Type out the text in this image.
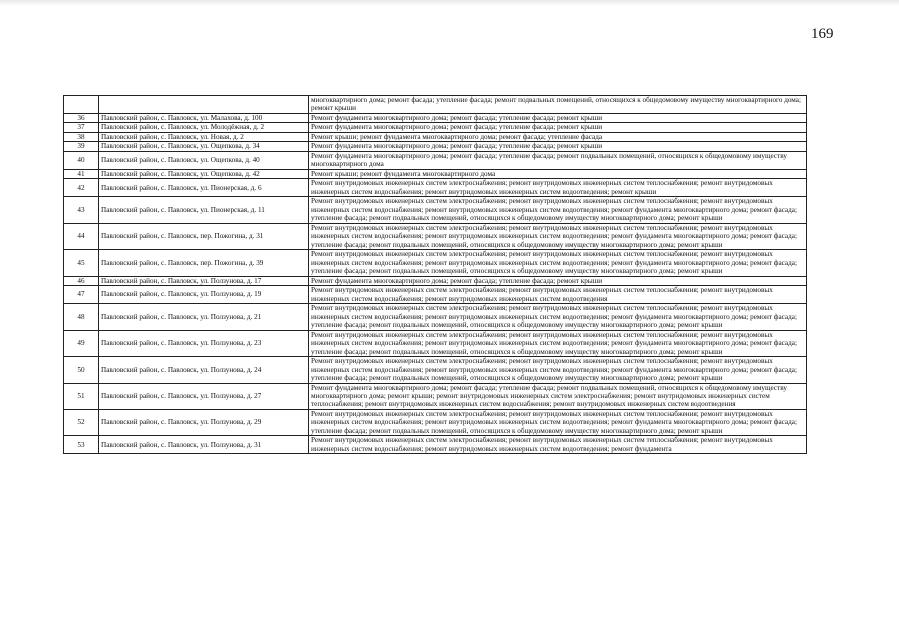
169
		многоквартирного дома; ремонт фасада; утепление фасада; ремонт подвальных помещений, относящихся к общедомовому имуществу многоквартирного дома; ремонт крыши
36	Павловский район, с. Павловск, ул. Малахова, д. 100	Ремонт фундамента многоквартирного дома; ремонт фасада; утепление фасада; ремонт крыши
37	Павловский район, с. Павловск, ул. Молодёжная, д. 2	Ремонт фундамента многоквартирного дома; ремонт фасада; утепление фасада; ремонт крыши
38	Павловский район, с. Павловск, ул. Новая, д. 2	Ремонт крыши; ремонт фундамента многоквартирного дома; ремонт фасада; утепление фасада
39	Павловский район, с. Павловск, ул. Ощепкова, д. 34	Ремонт фундамента многоквартирного дома; ремонт фасада; утепление фасада; ремонт крыши
40	Павловский район, с. Павловск, ул. Ощепкова, д. 40	Ремонт фундамента многоквартирного дома; ремонт фасада; утепление фасада; ремонт подвальных помещений, относящихся к общедомовому имуществу многоквартирного дома
41	Павловский район, с. Павловск, ул. Ощепкова, д. 42	Ремонт крыши; ремонт фундамента многоквартирного дома
42	Павловский район, с. Павловск, ул. Пионерская, д. 6	Ремонт внутридомовых инженерных систем электроснабжения; ремонт внутридомовых инженерных систем теплоснабжения; ремонт внутридомовых инженерных систем водоснабжения; ремонт внутридомовых инженерных систем водоотведения; ремонт крыши
43	Павловский район, с. Павловск, ул. Пионерская, д. 11	Ремонт внутридомовых инженерных систем электроснабжения; ремонт внутридомовых инженерных систем теплоснабжения; ремонт внутридомовых инженерных систем водоснабжения; ремонт внутридомовых инженерных систем водоотведения; ремонт фундамента многоквартирного дома; ремонт фасада; утепление фасада; ремонт подвальных помещений, относящихся к общедомовому имуществу многоквартирного дома; ремонт крыши
44	Павловский район, с. Павловск, пер. Пожогина, д. 31	Ремонт внутридомовых инженерных систем электроснабжения; ремонт внутридомовых инженерных систем теплоснабжения; ремонт внутридомовых инженерных систем водоснабжения; ремонт внутридомовых инженерных систем водоотведения; ремонт фундамента многоквартирного дома; ремонт фасада; утепление фасада; ремонт подвальных помещений, относящихся к общедомовому имуществу многоквартирного дома; ремонт крыши
45	Павловский район, с. Павловск, пер. Пожогина, д. 39	Ремонт внутридомовых инженерных систем электроснабжения; ремонт внутридомовых инженерных систем теплоснабжения; ремонт внутридомовых инженерных систем водоснабжения; ремонт внутридомовых инженерных систем водоотведения; ремонт фундамента многоквартирного дома; ремонт фасада; утепление фасада; ремонт подвальных помещений, относящихся к общедомовому имуществу многоквартирного дома; ремонт крыши
46	Павловский район, с. Павловск, ул. Ползунова, д. 17	Ремонт фундамента многоквартирного дома; ремонт фасада; утепление фасада; ремонт крыши
47	Павловский район, с. Павловск, ул. Ползунова, д. 19	Ремонт внутридомовых инженерных систем электроснабжения; ремонт внутридомовых инженерных систем теплоснабжения; ремонт внутридомовых инженерных систем водоснабжения; ремонт внутридомовых инженерных систем водоотведения
48	Павловский район, с. Павловск, ул. Ползунова, д. 21	Ремонт внутридомовых инженерных систем электроснабжения; ремонт внутридомовых инженерных систем теплоснабжения; ремонт внутридомовых инженерных систем водоснабжения; ремонт внутридомовых инженерных систем водоотведения; ремонт фундамента многоквартирного дома; ремонт фасада; утепление фасада; ремонт подвальных помещений, относящихся к общедомовому имуществу многоквартирного дома; ремонт крыши
49	Павловский район, с. Павловск, ул. Ползунова, д. 23	Ремонт внутридомовых инженерных систем электроснабжения; ремонт внутридомовых инженерных систем теплоснабжения; ремонт внутридомовых инженерных систем водоснабжения; ремонт внутридомовых инженерных систем водоотведения; ремонт фундамента многоквартирного дома; ремонт фасада; утепление фасада; ремонт подвальных помещений, относящихся к общедомовому имуществу многоквартирного дома; ремонт крыши
50	Павловский район, с. Павловск, ул. Ползунова, д. 24	Ремонт внутридомовых инженерных систем электроснабжения; ремонт внутридомовых инженерных систем теплоснабжения; ремонт внутридомовых инженерных систем водоснабжения; ремонт внутридомовых инженерных систем водоотведения; ремонт фундамента многоквартирного дома; ремонт фасада; утепление фасада; ремонт подвальных помещений, относящихся к общедомовому имуществу многоквартирного дома; ремонт крыши
51	Павловский район, с. Павловск, ул. Ползунова, д. 27	Ремонт фундамента многоквартирного дома; ремонт фасада; утепление фасада; ремонт подвальных помещений, относящихся к общедомовому имуществу многоквартирного дома; ремонт крыши; ремонт внутридомовых инженерных систем электроснабжения; ремонт внутридомовых инженерных систем теплоснабжения; ремонт внутридомовых инженерных систем водоснабжения; ремонт внутридомовых инженерных систем водоотведения
52	Павловский район, с. Павловск, ул. Ползунова, д. 29	Ремонт внутридомовых инженерных систем электроснабжения; ремонт внутридомовых инженерных систем теплоснабжения; ремонт внутридомовых инженерных систем водоснабжения; ремонт внутридомовых инженерных систем водоотведения; ремонт фундамента многоквартирного дома; ремонт фасада; утепление фасада; ремонт подвальных помещений, относящихся к общедомовому имуществу многоквартирного дома; ремонт крыши
53	Павловский район, с. Павловск, ул. Ползунова, д. 31	Ремонт внутридомовых инженерных систем электроснабжения; ремонт внутридомовых инженерных систем теплоснабжения; ремонт внутридомовых инженерных систем водоснабжения; ремонт внутридомовых инженерных систем водоотведения; ремонт фундамента
